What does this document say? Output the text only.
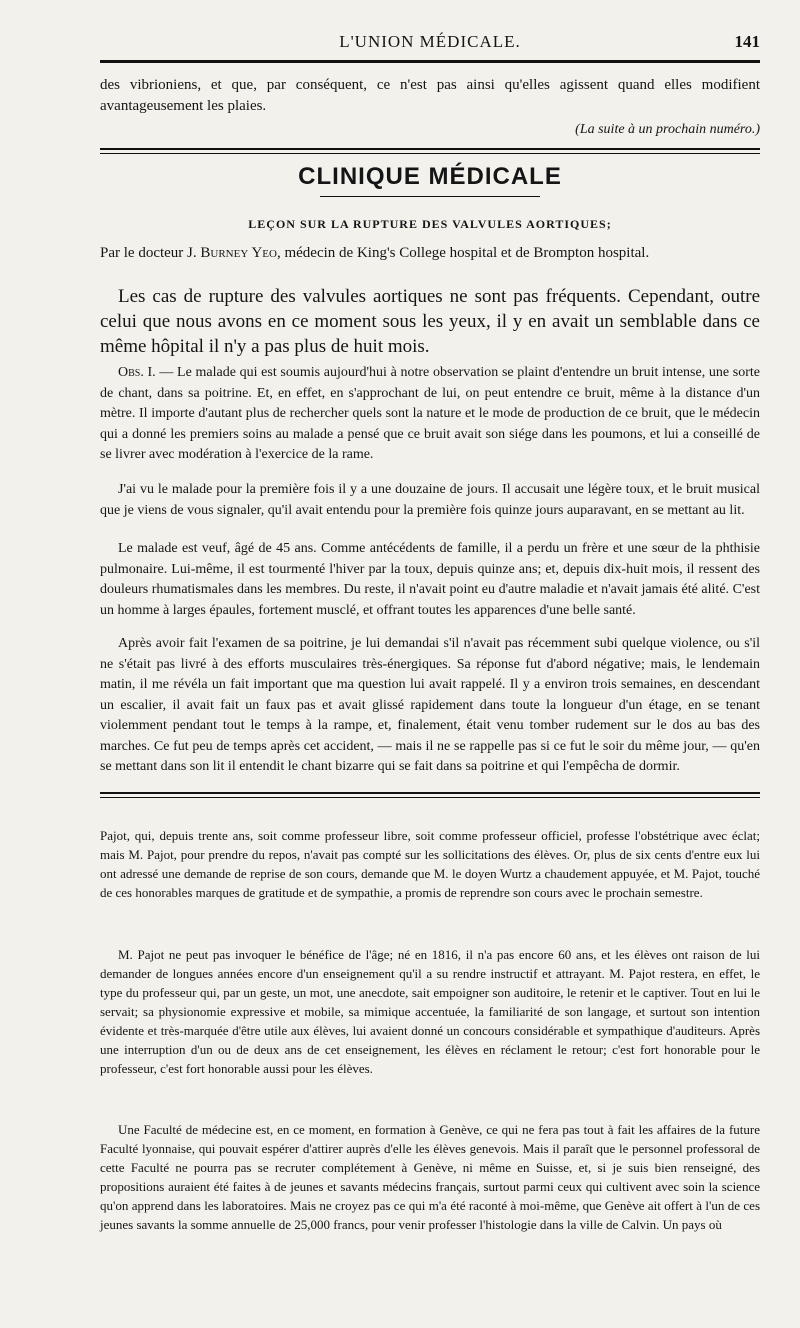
L'UNION MÉDICALE.	141
des vibrioniens, et que, par conséquent, ce n'est pas ainsi qu'elles agissent quand elles modifient avantageusement les plaies.
(La suite à un prochain numéro.)
CLINIQUE MÉDICALE
LEÇON SUR LA RUPTURE DES VALVULES AORTIQUES;
Par le docteur J. Burney Yeo, médecin de King's College hospital et de Brompton hospital.
Les cas de rupture des valvules aortiques ne sont pas fréquents. Cependant, outre celui que nous avons en ce moment sous les yeux, il y en avait un semblable dans ce même hôpital il n'y a pas plus de huit mois.
Obs. I. — Le malade qui est soumis aujourd'hui à notre observation se plaint d'entendre un bruit intense, une sorte de chant, dans sa poitrine. Et, en effet, en s'approchant de lui, on peut entendre ce bruit, même à la distance d'un mètre. Il importe d'autant plus de rechercher quels sont la nature et le mode de production de ce bruit, que le médecin qui a donné les premiers soins au malade a pensé que ce bruit avait son siége dans les poumons, et lui a conseillé de se livrer avec modération à l'exercice de la rame.
J'ai vu le malade pour la première fois il y a une douzaine de jours. Il accusait une légère toux, et le bruit musical que je viens de vous signaler, qu'il avait entendu pour la première fois quinze jours auparavant, en se mettant au lit.
Le malade est veuf, âgé de 45 ans. Comme antécédents de famille, il a perdu un frère et une sœur de la phthisie pulmonaire. Lui-même, il est tourmenté l'hiver par la toux, depuis quinze ans; et, depuis dix-huit mois, il ressent des douleurs rhumatismales dans les membres. Du reste, il n'avait point eu d'autre maladie et n'avait jamais été alité. C'est un homme à larges épaules, fortement musclé, et offrant toutes les apparences d'une belle santé.
Après avoir fait l'examen de sa poitrine, je lui demandai s'il n'avait pas récemment subi quelque violence, ou s'il ne s'était pas livré à des efforts musculaires très-énergiques. Sa réponse fut d'abord négative; mais, le lendemain matin, il me révéla un fait important que ma question lui avait rappelé. Il y a environ trois semaines, en descendant un escalier, il avait fait un faux pas et avait glissé rapidement dans toute la longueur d'un étage, en se tenant violemment pendant tout le temps à la rampe, et, finalement, était venu tomber rudement sur le dos au bas des marches. Ce fut peu de temps après cet accident, — mais il ne se rappelle pas si ce fut le soir du même jour, — qu'en se mettant dans son lit il entendit le chant bizarre qui se fait dans sa poitrine et qui l'empêcha de dormir.
Pajot, qui, depuis trente ans, soit comme professeur libre, soit comme professeur officiel, professe l'obstétrique avec éclat; mais M. Pajot, pour prendre du repos, n'avait pas compté sur les sollicitations des élèves. Or, plus de six cents d'entre eux lui ont adressé une demande de reprise de son cours, demande que M. le doyen Wurtz a chaudement appuyée, et M. Pajot, touché de ces honorables marques de gratitude et de sympathie, a promis de reprendre son cours avec le prochain semestre.
M. Pajot ne peut pas invoquer le bénéfice de l'âge; né en 1816, il n'a pas encore 60 ans, et les élèves ont raison de lui demander de longues années encore d'un enseignement qu'il a su rendre instructif et attrayant. M. Pajot restera, en effet, le type du professeur qui, par un geste, un mot, une anecdote, sait empoigner son auditoire, le retenir et le captiver. Tout en lui le servait; sa physionomie expressive et mobile, sa mimique accentuée, la familiarité de son langage, et surtout son intention évidente et très-marquée d'être utile aux élèves, lui avaient donné un concours considérable et sympathique d'auditeurs. Après une interruption d'un ou de deux ans de cet enseignement, les élèves en réclament le retour; c'est fort honorable pour le professeur, c'est fort honorable aussi pour les élèves.
Une Faculté de médecine est, en ce moment, en formation à Genève, ce qui ne fera pas tout à fait les affaires de la future Faculté lyonnaise, qui pouvait espérer d'attirer auprès d'elle les élèves genevois. Mais il paraît que le personnel professoral de cette Faculté ne pourra pas se recruter complétement à Genève, ni même en Suisse, et, si je suis bien renseigné, des propositions auraient été faites à de jeunes et savants médecins français, surtout parmi ceux qui cultivent avec soin la science qu'on apprend dans les laboratoires. Mais ne croyez pas ce qui m'a été raconté à moi-même, que Genève ait offert à l'un de ces jeunes savants la somme annuelle de 25,000 francs, pour venir professer l'histologie dans la ville de Calvin. Un pays où
